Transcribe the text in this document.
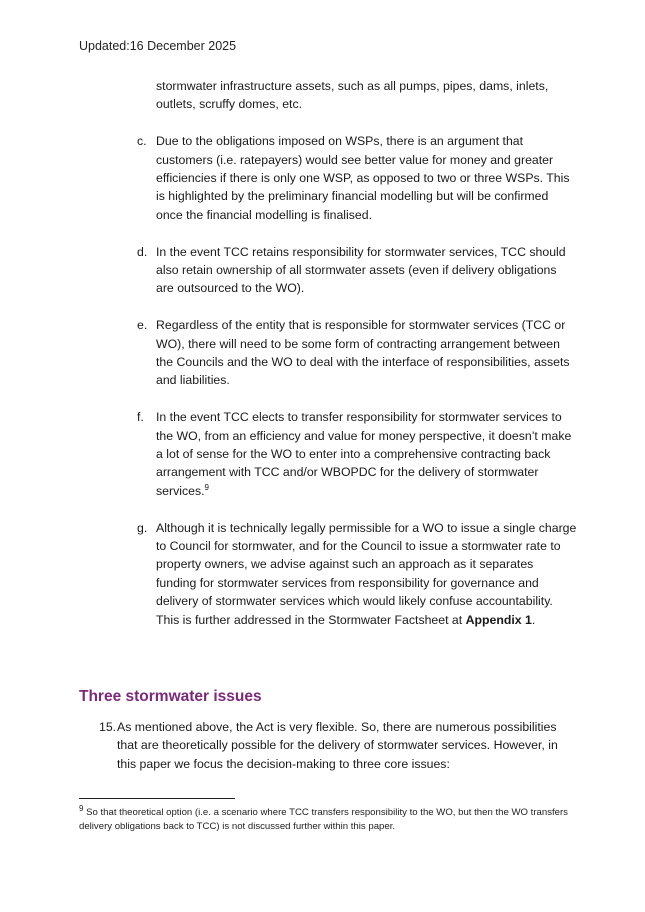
Updated:16 December 2025
stormwater infrastructure assets, such as all pumps, pipes, dams, inlets, outlets, scruffy domes, etc.
c. Due to the obligations imposed on WSPs, there is an argument that customers (i.e. ratepayers) would see better value for money and greater efficiencies if there is only one WSP, as opposed to two or three WSPs. This is highlighted by the preliminary financial modelling but will be confirmed once the financial modelling is finalised.
d. In the event TCC retains responsibility for stormwater services, TCC should also retain ownership of all stormwater assets (even if delivery obligations are outsourced to the WO).
e. Regardless of the entity that is responsible for stormwater services (TCC or WO), there will need to be some form of contracting arrangement between the Councils and the WO to deal with the interface of responsibilities, assets and liabilities.
f. In the event TCC elects to transfer responsibility for stormwater services to the WO, from an efficiency and value for money perspective, it doesn’t make a lot of sense for the WO to enter into a comprehensive contracting back arrangement with TCC and/or WBOPDC for the delivery of stormwater services.$^9$
g. Although it is technically legally permissible for a WO to issue a single charge to Council for stormwater, and for the Council to issue a stormwater rate to property owners, we advise against such an approach as it separates funding for stormwater services from responsibility for governance and delivery of stormwater services which would likely confuse accountability. This is further addressed in the Stormwater Factsheet at Appendix 1.
Three stormwater issues
15. As mentioned above, the Act is very flexible. So, there are numerous possibilities that are theoretically possible for the delivery of stormwater services. However, in this paper we focus the decision-making to three core issues:
$^9$ So that theoretical option (i.e. a scenario where TCC transfers responsibility to the WO, but then the WO transfers delivery obligations back to TCC) is not discussed further within this paper.
